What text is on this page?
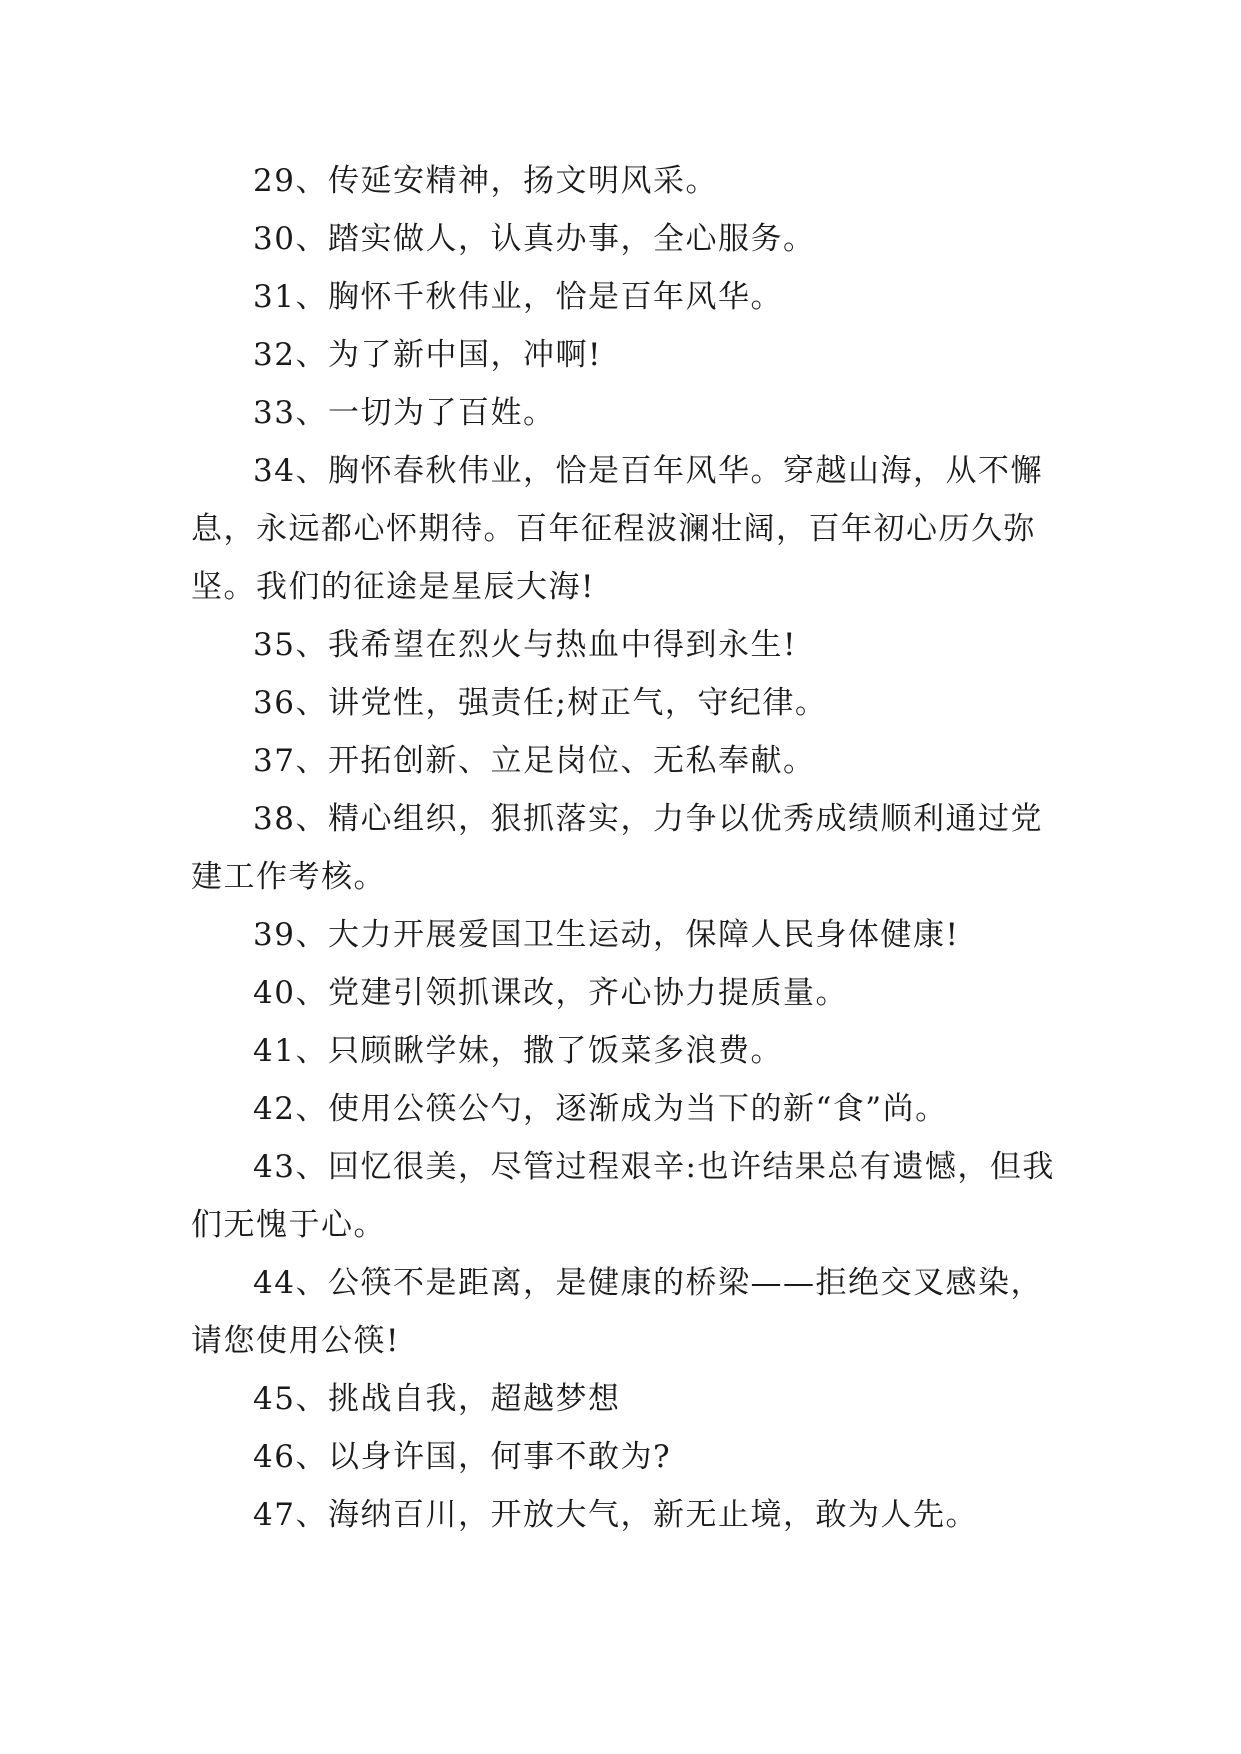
29、传延安精神，扬文明风采。

30、踏实做人，认真办事，全心服务。

31、胸怀千秋伟业，恰是百年风华。

32、为了新中国，冲啊!

33、一切为了百姓。

34、胸怀春秋伟业，恰是百年风华。穿越山海，从不懈息，永远都心怀期待。百年征程波澜壮阔，百年初心历久弥坚。我们的征途是星辰大海!

35、我希望在烈火与热血中得到永生!

36、讲党性，强责任;树正气，守纪律。

37、开拓创新、立足岗位、无私奉献。

38、精心组织，狠抓落实，力争以优秀成绩顺利通过党建工作考核。

39、大力开展爱国卫生运动，保障人民身体健康!

40、党建引领抓课改，齐心协力提质量。

41、只顾瞅学妹，撒了饭菜多浪费。

42、使用公筷公勺，逐渐成为当下的新“食”尚。

43、回忆很美，尽管过程艰辛:也许结果总有遗憾，但我们无愧于心。

44、公筷不是距离，是健康的桥梁——拒绝交叉感染，请您使用公筷!

45、挑战自我，超越梦想

46、以身许国，何事不敢为?

47、海纳百川，开放大气，新无止境，敢为人先。
